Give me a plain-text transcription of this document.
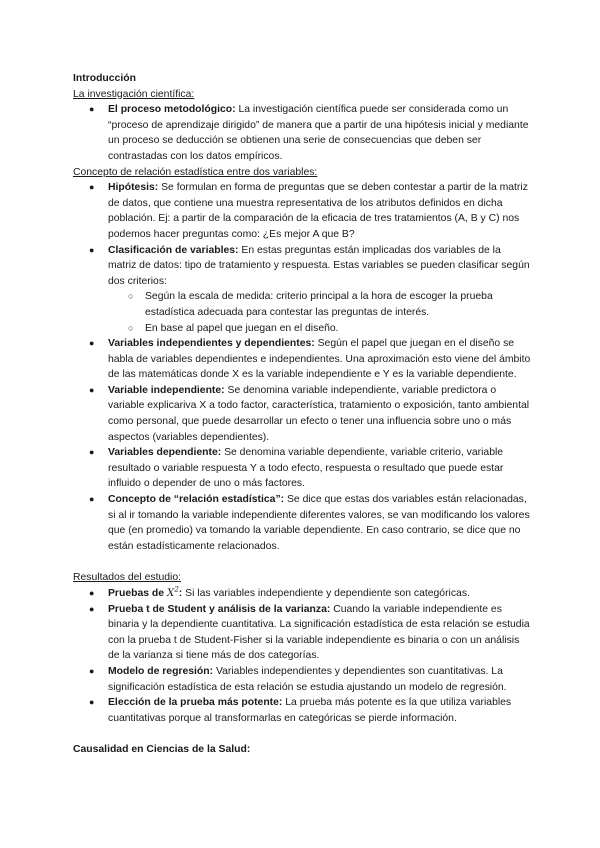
Introducción

La investigación científica:

● El proceso metodológico: La investigación científica puede ser considerada como un “proceso de aprendizaje dirigido” de manera que a partir de una hipótesis inicial y mediante un proceso se deducción se obtienen una serie de consecuencias que deben ser contrastadas con los datos empíricos.

Concepto de relación estadística entre dos variables:

● Hipótesis: Se formulan en forma de preguntas que se deben contestar a partir de la matriz de datos, que contiene una muestra representativa de los atributos definidos en dicha población. Ej: a partir de la comparación de la eficacia de tres tratamientos (A, B y C) nos podemos hacer preguntas como: ¿Es mejor A que B?
● Clasificación de variables: En estas preguntas están implicadas dos variables de la matriz de datos: tipo de tratamiento y respuesta. Estas variables se pueden clasificar según dos criterios:
○ Según la escala de medida: criterio principal a la hora de escoger la prueba estadística adecuada para contestar las preguntas de interés.
○ En base al papel que juegan en el diseño.
● Variables independientes y dependientes: Según el papel que juegan en el diseño se habla de variables dependientes e independientes. Una aproximación esto viene del ámbito de las matemáticas donde X es la variable independiente e Y es la variable dependiente.
● Variable independiente: Se denomina variable independiente, variable predictora o variable explicariva X a todo factor, característica, tratamiento o exposición, tanto ambiental como personal, que puede desarrollar un efecto o tener una influencia sobre uno o más aspectos (variables dependientes).
● Variables dependiente: Se denomina variable dependiente, variable criterio, variable resultado o variable respuesta Y a todo efecto, respuesta o resultado que puede estar influido o depender de uno o más factores.
● Concepto de “relación estadística”: Se dice que estas dos variables están relacionadas, si al ir tomando la variable independiente diferentes valores, se van modificando los valores que (en promedio) va tomando la variable dependiente. En caso contrario, se dice que no están estadísticamente relacionados.

Resultados del estudio:

● Pruebas de $X^2$: Si las variables independiente y dependiente son categóricas.
● Prueba t de Student y análisis de la varianza: Cuando la variable independiente es binaria y la dependiente cuantitativa. La significación estadística de esta relación se estudia con la prueba t de Student-Fisher si la variable independiente es binaria o con un análisis de la varianza si tiene más de dos categorías.
● Modelo de regresión: Variables independientes y dependientes son cuantitativas. La significación estadística de esta relación se estudia ajustando un modelo de regresión.
● Elección de la prueba más potente: La prueba más potente es la que utiliza variables cuantitativas porque al transformarlas en categóricas se pierde información.

Causalidad en Ciencias de la Salud:
